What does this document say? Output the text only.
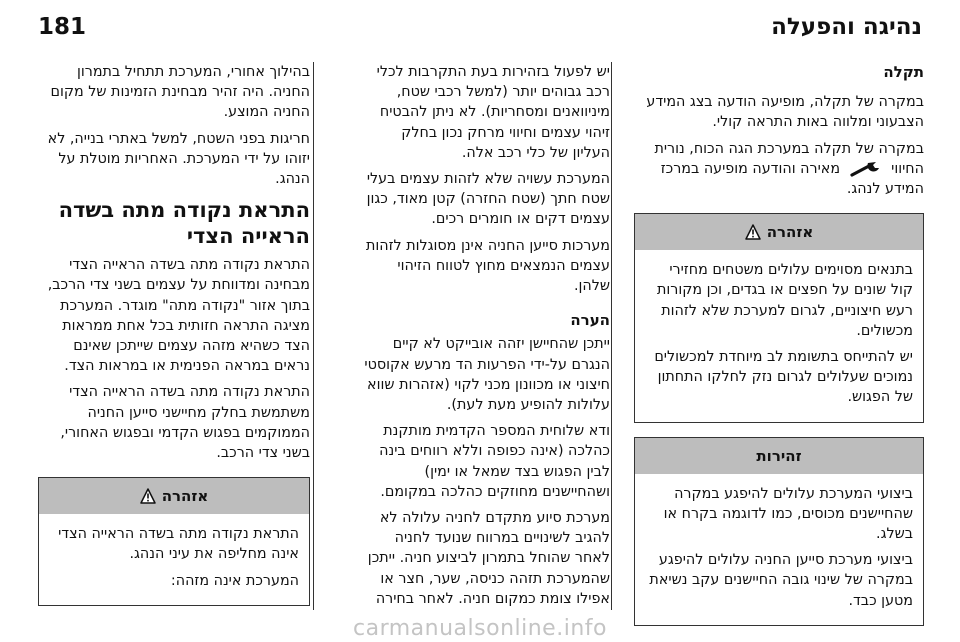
נהיגה והפעלה
181
תקלה

במקרה של תקלה, מופיעה הודעה בצג המידע הצבעוני ומלווה באות התראה קולי.

במקרה של תקלה במערכת הגה הכוח, נורית החיווי  מאירה והודעה מופיעה במרכז המידע לנהג.

אזהרה

בתנאים מסוימים עלולים משטחים מחזירי קול שונים על חפצים או בגדים, וכן מקורות רעש חיצוניים, לגרום למערכת שלא לזהות מכשולים.

יש להתייחס בתשומת לב מיוחדת למכשולים נמוכים שעלולים לגרום נזק לחלקו התחתון של הפגוש.

זהירות

ביצועי המערכת עלולים להיפגע במקרה שהחיישנים מכוסים, כמו לדוגמה בקרח או בשלג.

ביצועי מערכת סייען החניה עלולים להיפגע במקרה של שינוי גובה החיישנים עקב נשיאת מטען כבד.

יש לפעול בזהירות בעת התקרבות לכלי רכב גבוהים יותר (למשל רכבי שטח, מיניוואנים ומסחריות). לא ניתן להבטיח זיהוי עצמים וחיווי מרחק נכון בחלק העליון של כלי רכב אלה.

המערכת עשויה שלא לזהות עצמים בעלי שטח חתך (שטח החזרה) קטן מאוד, כגון עצמים דקים או חומרים רכים.

מערכות סייען החניה אינן מסוגלות לזהות עצמים הנמצאים מחוץ לטווח הזיהוי שלהן.

הערה

ייתכן שהחיישן יזהה אובייקט לא קיים הנגרם על-ידי הפרעות הד מרעש אקוסטי חיצוני או מכוונון מכני לקוי (אזהרות שווא עלולות להופיע מעת לעת).

ודא שלוחית המספר הקדמית מותקנת כהלכה (אינה כפופה וללא רווחים בינה לבין הפגוש בצד שמאל או ימין) ושהחיישנים מחוזקים כהלכה במקומם.

מערכת סיוע מתקדם לחניה עלולה לא להגיב לשינויים במרווח שנועד לחניה לאחר שהוחל בתמרון לביצוע חניה. ייתכן שהמערכת תזהה כניסה, שער, חצר או אפילו צומת כמקום חניה. לאחר בחירה

בהילוך אחורי, המערכת תתחיל בתמרון החניה. היה זהיר מבחינת הזמינות של מקום החניה המוצע.

חריגות בפני השטח, למשל באתרי בנייה, לא יזוהו על ידי המערכת. האחריות מוטלת על הנהג.

התראת נקודה מתה בשדה הראייה הצדי

התראת נקודה מתה בשדה הראייה הצדי מבחינה ומדווחת על עצמים בשני צדי הרכב, בתוך אזור "נקודה מתה" מוגדר. המערכת מציגה התראה חזותית בכל אחת ממראות הצד כשהיא מזהה עצמים שייתכן שאינם נראים במראה הפנימית או במראות הצד.

התראת נקודה מתה בשדה הראייה הצדי משתמשת בחלק מחיישני סייען החניה הממוקמים בפגוש הקדמי ובפגוש האחורי, בשני צדי הרכב.

אזהרה

התראת נקודה מתה בשדה הראייה הצדי אינה מחליפה את עיני הנהג.

המערכת אינה מזהה:

carmanualsonline.info
